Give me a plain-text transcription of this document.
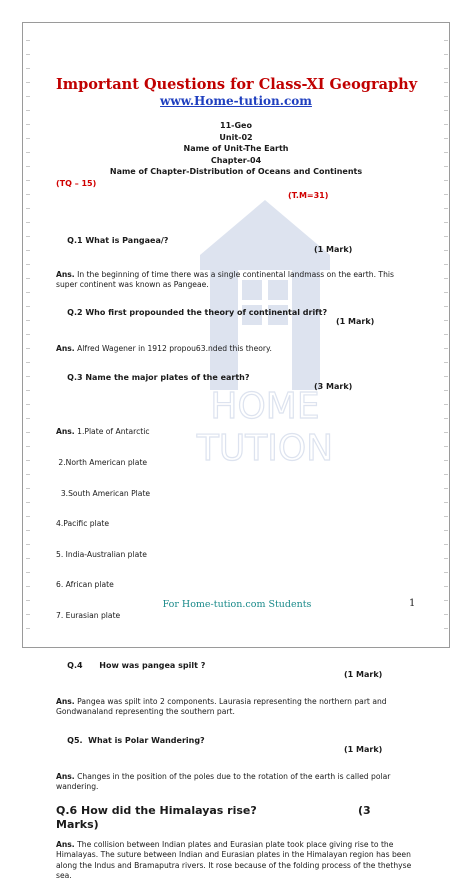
HOME
TUTION
Important Questions for Class-XI Geography
www.Home-tution.com
11-Geo
Unit-02
Name of Unit-The Earth
Chapter-04
Name of Chapter-Distribution of Oceans and Continents
(TQ – 15)
(T.M=31)

Q.1 What is Pangaea/?

(1 Mark)

Ans. In the beginning of time there was a single continental landmass on the earth. This super continent was known as Pangeae.

Q.2 Who first propounded the theory of continental drift?

(1 Mark)

Ans. Alfred Wagener in 1912 propou63.nded this theory.

Q.3 Name the major plates of the earth?

(3 Mark)

Ans. 1.Plate of Antarctic

2.North American plate

3.South American Plate

4.Pacific plate

5. India-Australian plate

6. African plate

7. Eurasian plate

Q.4      How was pangea spilt ?

(1 Mark)

Ans. Pangea was spilt into 2 components. Laurasia representing the northern part and Gondwanaland representing the southern part.

Q5.  What is Polar Wandering?

(1 Mark)

Ans. Changes in the position of the poles due to the rotation of the earth is called polar wandering.
Q.6 How did the Himalayas rise?	(3
Marks)
Ans. The collision between Indian plates and Eurasian plate took place giving rise to the Himalayas. The suture between Indian and Eurasian plates in the Himalayan region has been along the Indus and Bramaputra rivers. It rose because of the folding process of the thethyse sea.
For Home-tution.com Students	1
